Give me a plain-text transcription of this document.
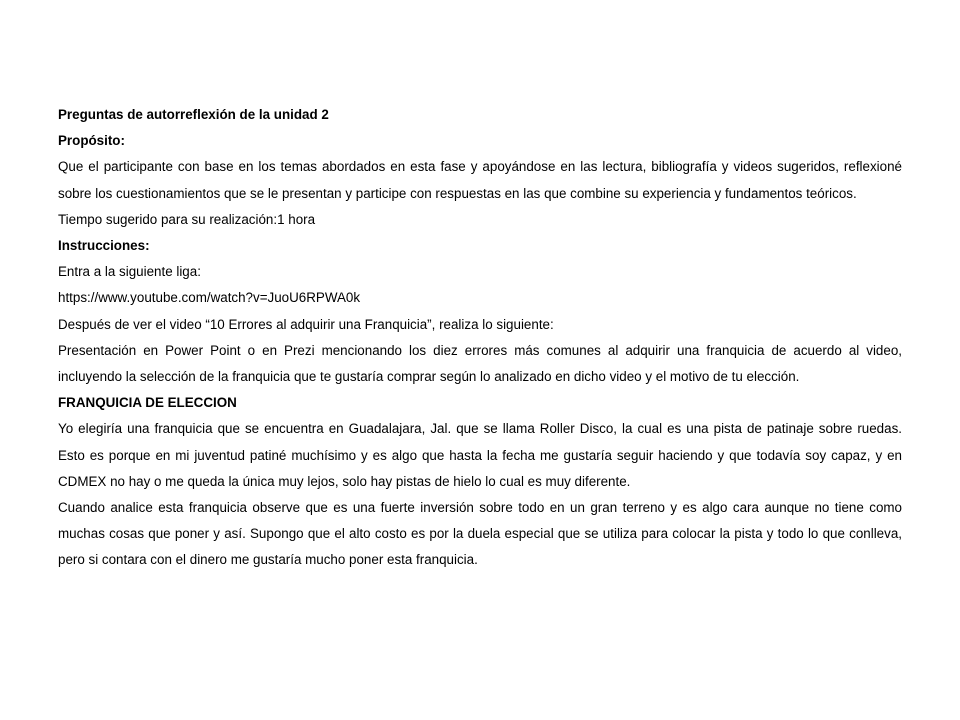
Preguntas de autorreflexión de la unidad 2

Propósito:

Que el participante con base en los temas abordados en esta fase y apoyándose en las lectura, bibliografía y videos sugeridos, reflexioné sobre los cuestionamientos que se le presentan y participe con respuestas en las que combine su experiencia y fundamentos teóricos.

Tiempo sugerido para su realización:1 hora

Instrucciones:

Entra a la siguiente liga:

https://www.youtube.com/watch?v=JuoU6RPWA0k

Después de ver el video “10 Errores al adquirir una Franquicia”, realiza lo siguiente:

Presentación en Power Point o en Prezi mencionando los diez errores más comunes al adquirir una franquicia de acuerdo al video, incluyendo la selección de la franquicia que te gustaría comprar según lo analizado en dicho video y el motivo de tu elección.

FRANQUICIA DE ELECCION

Yo elegiría una franquicia que se encuentra en Guadalajara, Jal. que se llama Roller Disco, la cual es una pista de patinaje sobre ruedas. Esto es porque en mi juventud patiné muchísimo y es algo que hasta la fecha me gustaría seguir haciendo y que todavía soy capaz, y en CDMEX no hay o me queda la única muy lejos, solo hay pistas de hielo lo cual es muy diferente.

Cuando analice esta franquicia observe que es una fuerte inversión sobre todo en un gran terreno y es algo cara aunque no tiene como muchas cosas que poner y así. Supongo que el alto costo es por la duela especial que se utiliza para colocar la pista y todo lo que conlleva, pero si contara con el dinero me gustaría mucho poner esta franquicia.
